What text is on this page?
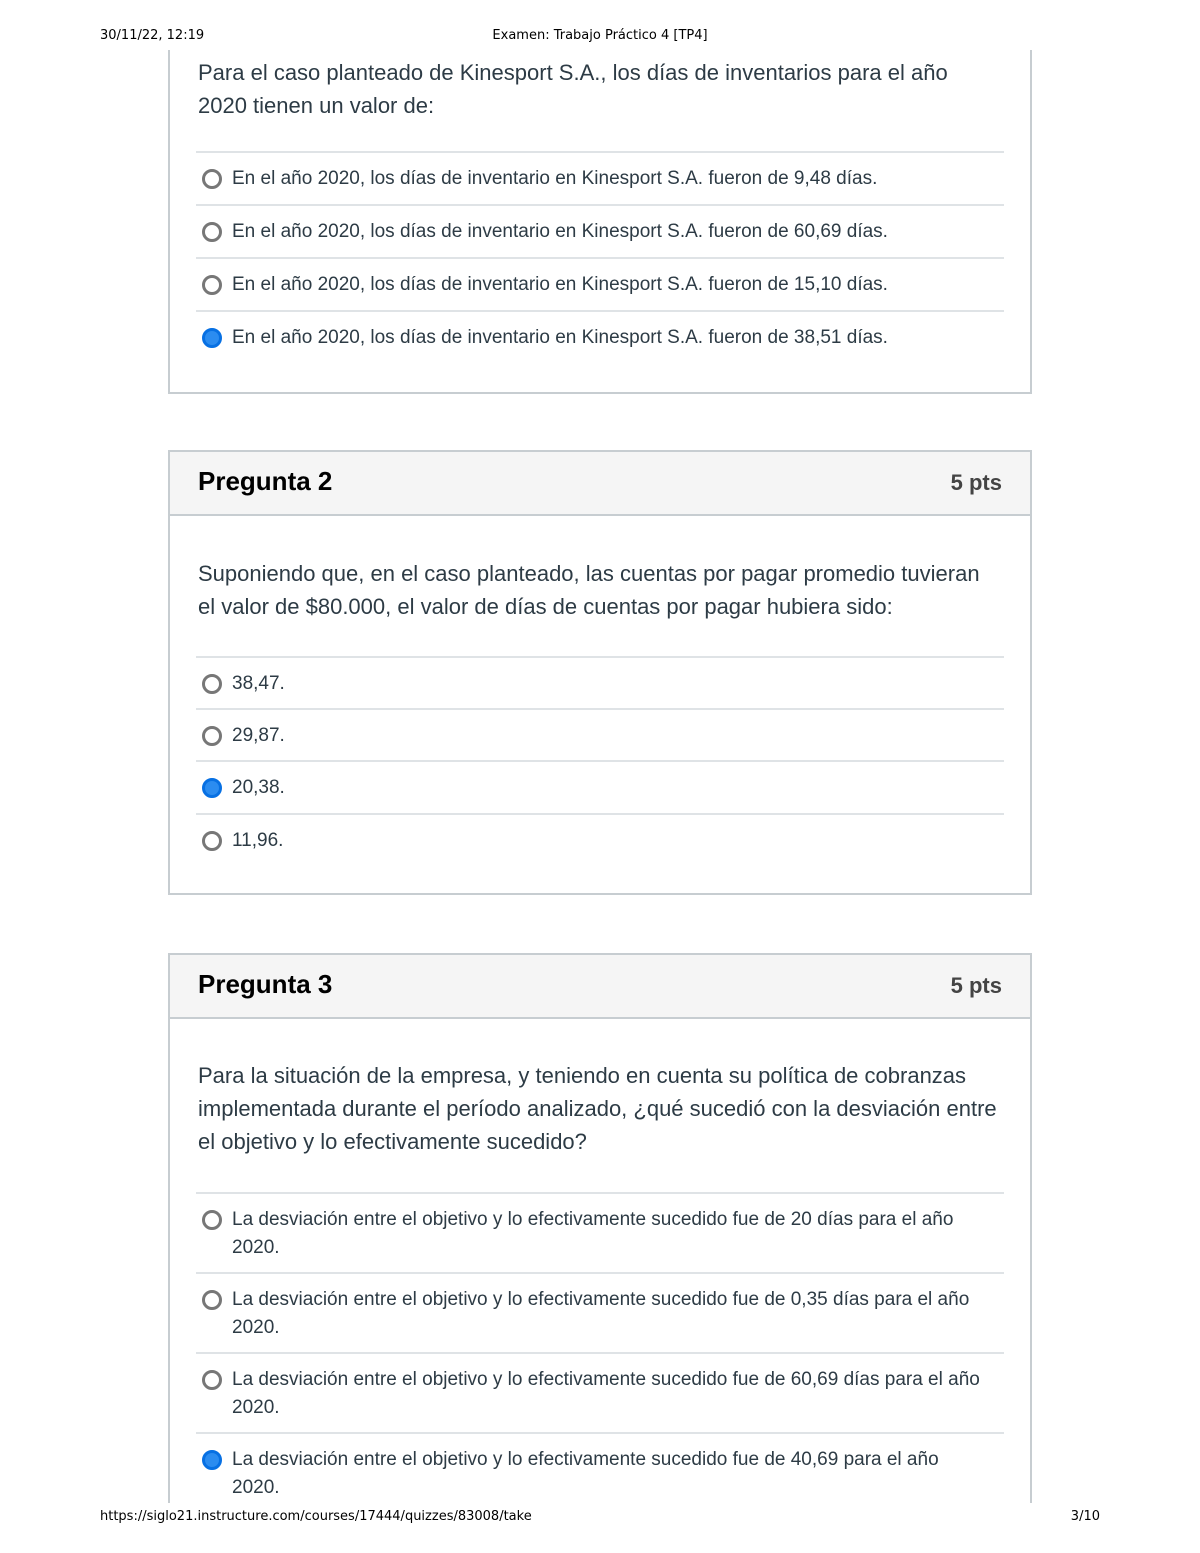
30/11/22, 12:19	Examen: Trabajo Práctico 4 [TP4]
Para el caso planteado de Kinesport S.A., los días de inventarios para el año
2020 tienen un valor de:
En el año 2020, los días de inventario en Kinesport S.A. fueron de 9,48 días.
En el año 2020, los días de inventario en Kinesport S.A. fueron de 60,69 días.
En el año 2020, los días de inventario en Kinesport S.A. fueron de 15,10 días.
En el año 2020, los días de inventario en Kinesport S.A. fueron de 38,51 días.
Pregunta 2	5 pts
Suponiendo que, en el caso planteado, las cuentas por pagar promedio tuvieran
el valor de $80.000, el valor de días de cuentas por pagar hubiera sido:
38,47.
29,87.
20,38.
11,96.
Pregunta 3	5 pts
Para la situación de la empresa, y teniendo en cuenta su política de cobranzas
implementada durante el período analizado, ¿qué sucedió con la desviación entre
el objetivo y lo efectivamente sucedido?
La desviación entre el objetivo y lo efectivamente sucedido fue de 20 días para el año 2020.
La desviación entre el objetivo y lo efectivamente sucedido fue de 0,35 días para el año 2020.
La desviación entre el objetivo y lo efectivamente sucedido fue de 60,69 días para el año 2020.
La desviación entre el objetivo y lo efectivamente sucedido fue de 40,69 para el año 2020.
https://siglo21.instructure.com/courses/17444/quizzes/83008/take	3/10
